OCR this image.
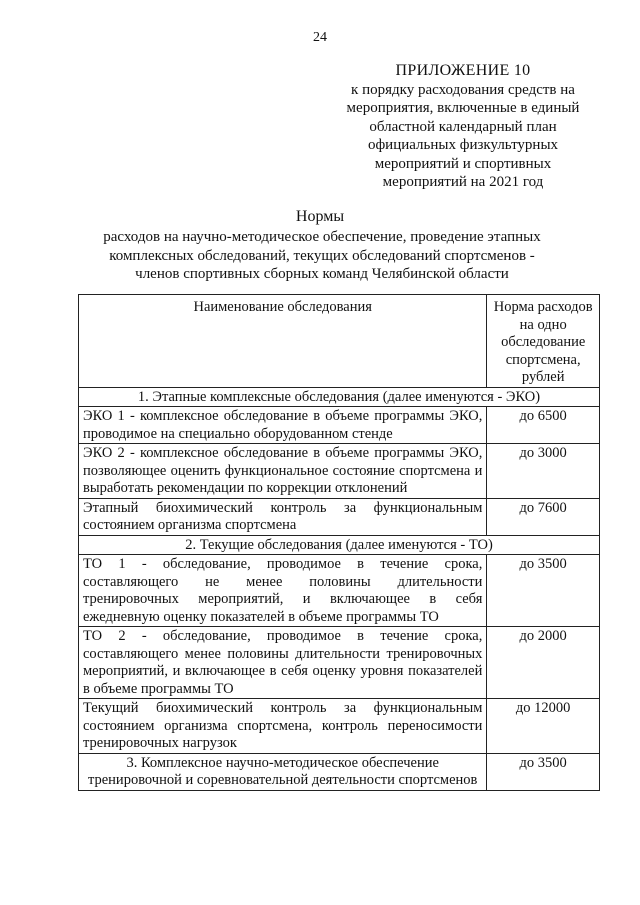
24
ПРИЛОЖЕНИЕ 10
к порядку расходования средств на
мероприятия, включенные в единый
областной календарный план
официальных физкультурных
мероприятий и спортивных
мероприятий на 2021 год
Нормы
расходов на научно-методическое обеспечение, проведение этапных комплексных обследований, текущих обследований спортсменов - членов спортивных сборных команд Челябинской области
Наименование обследования	Норма расходов на одно обследование спортсмена, рублей
1. Этапные комплексные обследования (далее именуются - ЭКО)	
ЭКО 1 - комплексное обследование в объеме программы ЭКО, проводимое на специально оборудованном стенде	до 6500
ЭКО 2 - комплексное обследование в объеме программы ЭКО, позволяющее оценить функциональное состояние спортсмена и выработать рекомендации по коррекции отклонений	до 3000
Этапный биохимический контроль за функциональным состоянием организма спортсмена	до 7600
2. Текущие обследования (далее именуются - ТО)	
ТО 1 - обследование, проводимое в течение срока, составляющего не менее половины длительности тренировочных мероприятий, и включающее в себя ежедневную оценку показателей в объеме программы ТО	до 3500
ТО 2 - обследование, проводимое в течение срока, составляющего менее половины длительности тренировочных мероприятий, и включающее в себя оценку уровня показателей в объеме программы ТО	до 2000
Текущий биохимический контроль за функциональным состоянием организма спортсмена, контроль переносимости тренировочных нагрузок	до 12000
3. Комплексное научно-методическое обеспечение тренировочной и соревновательной деятельности спортсменов	до 3500
